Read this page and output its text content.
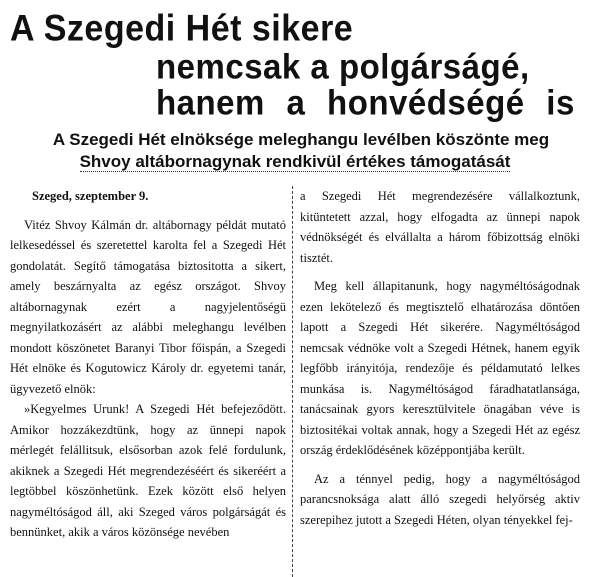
A Szegedi Hét sikere
nemcsak a polgárságé,
hanem a honvédségé is
A Szegedi Hét elnöksége meleghangu levélben köszönte meg
Shvoy altábornagynak rendkivül értékes támogatását

Szeged, szeptember 9.

Vitéz Shvoy Kálmán dr. altábornagy példát mutató lelkesedéssel és szeretettel karolta fel a Szegedi Hét gondolatát. Segítő támogatása biztositotta a sikert, amely beszárnyalta az egész országot. Shvoy altábornagynak ezért a nagyjelentőségü megnyilatkozásért az alábbi meleghangu levélben mondott köszönetet Baranyi Tibor főispán, a Szegedi Hét elnöke és Kogutowicz Károly dr. egyetemi tanár, ügyvezető elnök:

»Kegyelmes Urunk! A Szegedi Hét befejeződött. Amikor hozzákezdtünk, hogy az ünnepi napok mérlegét felállitsuk, elsősorban azok felé fordulunk, akiknek a Szegedi Hét megrendezéséért és sikeréért a legtöbbel köszönhetünk. Ezek között első helyen nagyméltóságod áll, aki Szeged város polgárságát és bennünket, akik a város közönsége nevében

a Szegedi Hét megrendezésére vállalkoztunk, kitüntetett azzal, hogy elfogadta az ünnepi napok védnökségét és elvállalta a három főbizottság elnöki tisztét.

Meg kell állapitanunk, hogy nagyméltóságodnak ezen lekötelező és megtisztelő elhatározása döntően lapott a Szegedi Hét sikerére. Nagyméltóságod nemcsak védnöke volt a Szegedi Hétnek, hanem egyik legfőbb irányitója, rendezője és példamutató lelkes munkása is. Nagyméltóságod fáradhatatlansága, tanácsainak gyors keresztülvitele önagában véve is biztositékai voltak annak, hogy a Szegedi Hét az egész ország érdeklődésének középpontjába került.

Az a ténnyel pedig, hogy a nagyméltóságod parancsnoksága alatt álló szegedi helyőrség aktiv szerepihez jutott a Szegedi Héten, olyan tényekkel fej-
